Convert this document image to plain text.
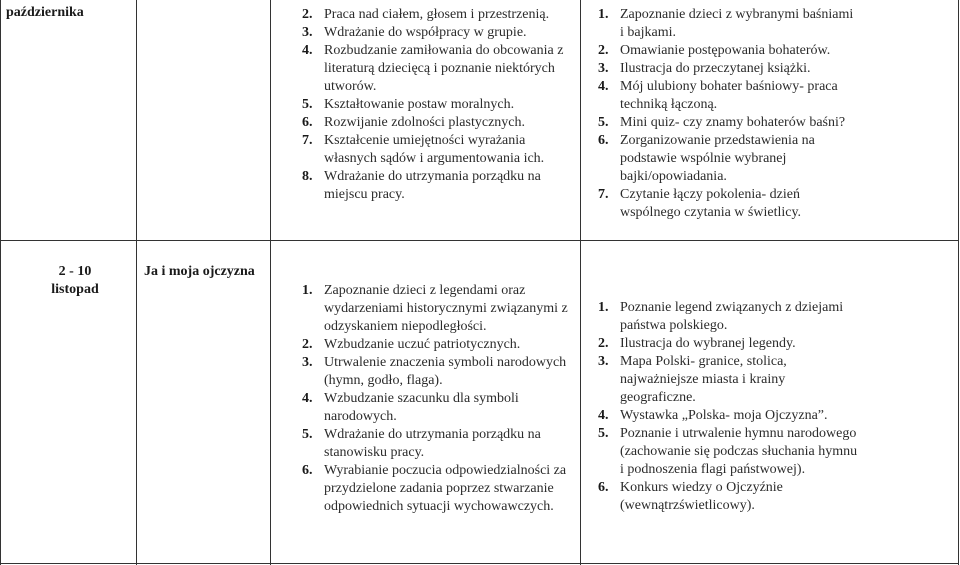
października	2. Praca nad ciałem, głosem i przestrzenią.
3. Wdrażanie do współpracy w grupie.
4. Rozbudzanie zamiłowania do obcowania z literaturą dziecięcą i poznanie niektórych utworów.
5. Kształtowanie postaw moralnych.
6. Rozwijanie zdolności plastycznych.
7. Kształcenie umiejętności wyrażania własnych sądów i argumentowania ich.
8. Wdrażanie do utrzymania porządku na miejscu pracy.
1. Zapoznanie dzieci z wybranymi baśniami i bajkami.
2. Omawianie postępowania bohaterów.
3. Ilustracja do przeczytanej książki.
4. Mój ulubiony bohater baśniowy- praca techniką łączoną.
5. Mini quiz- czy znamy bohaterów baśni?
6. Zorganizowanie przedstawienia na podstawie wspólnie wybranej bajki/opowiadania.
7. Czytanie łączy pokolenia- dzień wspólnego czytania w świetlicy.
2 - 10 listopad
Ja i moja ojczyzna
1. Zapoznanie dzieci z legendami oraz wydarzeniami historycznymi związanymi z odzyskaniem niepodległości.
2. Wzbudzanie uczuć patriotycznych.
3. Utrwalenie znaczenia symboli narodowych (hymn, godło, flaga).
4. Wzbudzanie szacunku dla symboli narodowych.
5. Wdrażanie do utrzymania porządku na stanowisku pracy.
6. Wyrabianie poczucia odpowiedzialności za przydzielone zadania poprzez stwarzanie odpowiednich sytuacji wychowawczych.
1. Poznanie legend związanych z dziejami państwa polskiego.
2. Ilustracja do wybranej legendy.
3. Mapa Polski- granice, stolica, najważniejsze miasta i krainy geograficzne.
4. Wystawka „Polska- moja Ojczyzna”.
5. Poznanie i utrwalenie hymnu narodowego (zachowanie się podczas słuchania hymnu i podnoszenia flagi państwowej).
6. Konkurs wiedzy o Ojczyźnie (wewnątrzświetlicowy).
